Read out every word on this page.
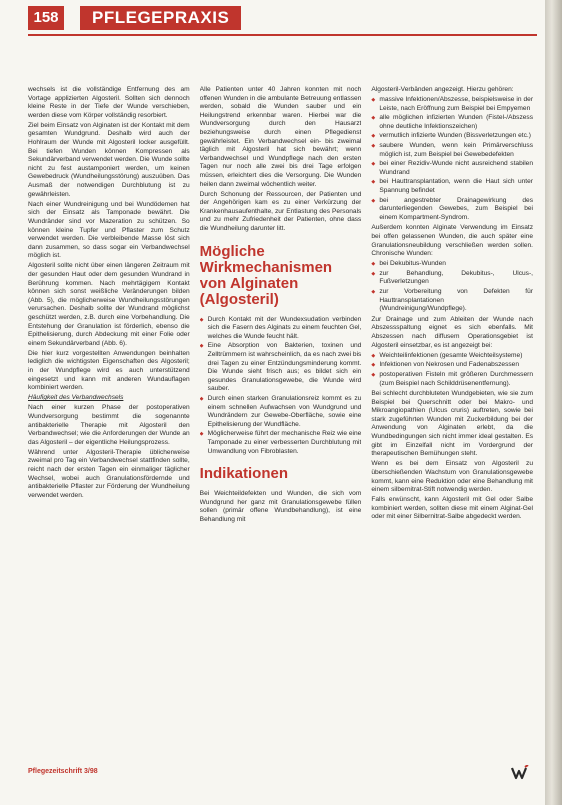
158	PFLEGEPRAXIS

wechsels ist die vollständige Entfernung des am Vortage applizierten Algosteril. Sollten sich dennoch kleine Reste in der Tiefe der Wunde verschieben, werden diese vom Körper vollständig resorbiert.

Ziel beim Einsatz von Alginaten ist der Kontakt mit dem gesamten Wundgrund. Deshalb wird auch der Hohlraum der Wunde mit Algosteril locker ausgefüllt. Bei tiefen Wunden können Kompressen als Sekundärverband verwendet werden. Die Wunde sollte nicht zu fest austamponiert werden, um keinen Gewebedruck (Wundheilungsstörung) auszuüben. Das Ausmaß der notwendigen Durchblutung ist zu gewährleisten.

Nach einer Wundreinigung und bei Wundödemen hat sich der Einsatz als Tamponade bewährt. Die Wundränder sind vor Mazeration zu schützen. So können kleine Tupfer und Pflaster zum Schutz verwendet werden. Die verbleibende Masse löst sich dann zusammen, so dass sogar ein Verbandwechsel möglich ist.

Algosteril sollte nicht über einen längeren Zeitraum mit der gesunden Haut oder dem gesunden Wundrand in Berührung kommen. Nach mehrtägigem Kontakt können sich sonst weißliche Veränderungen bilden (Abb. 5), die möglicherweise Wundheilungsstörungen verursachen. Deshalb sollte der Wundrand möglichst geschützt werden, z.B. durch eine Vorbehandlung. Die Entstehung der Granulation ist förderlich, ebenso die Epithelisierung, durch Abdeckung mit einer Folie oder einem Sekundärverband (Abb. 6).

Die hier kurz vorgestellten Anwendungen beinhalten lediglich die wichtigsten Eigenschaften des Algosteril; in der Wundpflege wird es auch unterstützend eingesetzt und kann mit anderen Wundauflagen kombiniert werden.

Häufigkeit des Verbandwechsels

Nach einer kurzen Phase der postoperativen Wundversorgung bestimmt die sogenannte antibakterielle Therapie mit Algosteril den Verbandwechsel; wie die Anforderungen der Wunde an das Algosteril – der eigentliche Heilungsprozess.

Während unter Algosteril-Therapie üblicherweise zweimal pro Tag ein Verbandwechsel stattfinden sollte, reicht nach der ersten Tagen ein einmaliger täglicher Wechsel, wobei auch Granulationsfördernde und antibakterielle Pflaster zur Förderung der Wundheilung verwendet werden.

Alle Patienten unter 40 Jahren konnten mit noch offenen Wunden in die ambulante Betreuung entlassen werden, sobald die Wunden sauber und ein Heilungstrend erkennbar waren. Hierbei war die Wundversorgung durch den Hausarzt beziehungsweise durch einen Pflegedienst gewährleistet. Ein Verbandwechsel ein- bis zweimal täglich mit Algosteril hat sich bewährt; wenn Verbandwechsel und Wundpflege nach den ersten Tagen nur noch alle zwei bis drei Tage erfolgen müssen, erleichtert dies die Versorgung. Die Wunden heilen dann zweimal wöchentlich weiter.

Durch Schonung der Ressourcen, der Patienten und der Angehörigen kam es zu einer Verkürzung der Krankenhausaufenthalte, zur Entlastung des Personals und zu mehr Zufriedenheit der Patienten, ohne dass die Wundheilung darunter litt.

Mögliche Wirkmechanismen von Alginaten (Algosteril)
◆ Durch Kontakt mit der Wundexsudation verbinden sich die Fasern des Alginats zu einem feuchten Gel, welches die Wunde feucht hält.
◆ Eine Absorption von Bakterien, toxinen und Zelltrümmern ist wahrscheinlich, da es nach zwei bis drei Tagen zu einer Entzündungsminderung kommt. Die Wunde sieht frisch aus; es bildet sich ein gesundes Granulationsgewebe, die Wunde wird sauber.
◆ Durch einen starken Granulationsreiz kommt es zu einem schnellen Aufwachsen von Wundgrund und Wundrändern zur Gewebe-Oberfläche, sowie eine Epithelisierung der Wundfläche.
◆ Möglicherweise führt der mechanische Reiz wie eine Tamponade zu einer verbesserten Durchblutung mit Umwandlung von Fibroblasten.
Indikationen

Bei Weichteildefekten und Wunden, die sich vom Wundgrund her ganz mit Granulationsgewebe füllen sollen (primär offene Wundbehandlung), ist eine Behandlung mit

Algosteril-Verbänden angezeigt. Hierzu gehören:

◆ massive Infektionen/Abszesse, beispielsweise in der Leiste, nach Eröffnung zum Beispiel bei Empyemen
◆ alle möglichen infizierten Wunden (Fistel-/Abszess ohne deutliche Infektionszeichen)
◆ vermutlich infizierte Wunden (Bissverletzungen etc.)
◆ saubere Wunden, wenn kein Primärverschluss möglich ist, zum Beispiel bei Gewebedefekten
◆ bei einer Rezidiv-Wunde nicht ausreichend stabilen Wundrand
◆ bei Hauttransplantation, wenn die Haut sich unter Spannung befindet
◆ bei angestrebter Drainagewirkung des darunterliegenden Gewebes, zum Beispiel bei einem Kompartment-Syndrom.

Außerdem konnten Alginate Verwendung im Einsatz bei offen gelassenen Wunden, die auch später eine Granulationsneubildung verschließen werden sollen. Chronische Wunden:

◆ bei Dekubitus-Wunden
◆ zur Behandlung, Dekubitus-, Ulcus-, Fußverletzungen
◆ zur Vorbereitung von Defekten für Hauttransplantationen (Wundreinigung/Wundpflege).

Zur Drainage und zum Ableiten der Wunde nach Abszessspaltung eignet es sich ebenfalls. Mit Abszessen nach diffusem Operationsgebiet ist Algosteril einsetzbar, es ist angezeigt bei:

◆ Weichteilinfektionen (gesamte Weichteilsysteme)
◆ Infektionen von Nekrosen und Fadenabszessen
◆ postoperativen Fisteln mit größeren Durchmessern (zum Beispiel nach Schilddrüsenentfernung).

Bei schlecht durchbluteten Wundgebieten, wie sie zum Beispiel bei Querschnitt oder bei Makro- und Mikroangiopathien (Ulcus cruris) auftreten, sowie bei stark zugeführten Wunden mit Zuckerbildung bei der Anwendung von Alginaten erlebt, da die Wundbedingungen sich nicht immer ideal gestalten. Es gibt im Einzelfall nicht im Vordergrund der therapeutischen Bemühungen steht.

Wenn es bei dem Einsatz von Algosteril zu überschießenden Wachstum von Granulationsgewebe kommt, kann eine Reduktion oder eine Behandlung mit einem silbernitrat-Stift notwendig werden.

Falls erwünscht, kann Algosteril mit Gel oder Salbe kombiniert werden, sollten diese mit einem Alginat-Gel oder mit einer Silbernitrat-Salbe abgedeckt werden.

Pflegezeitschrift 3/98
